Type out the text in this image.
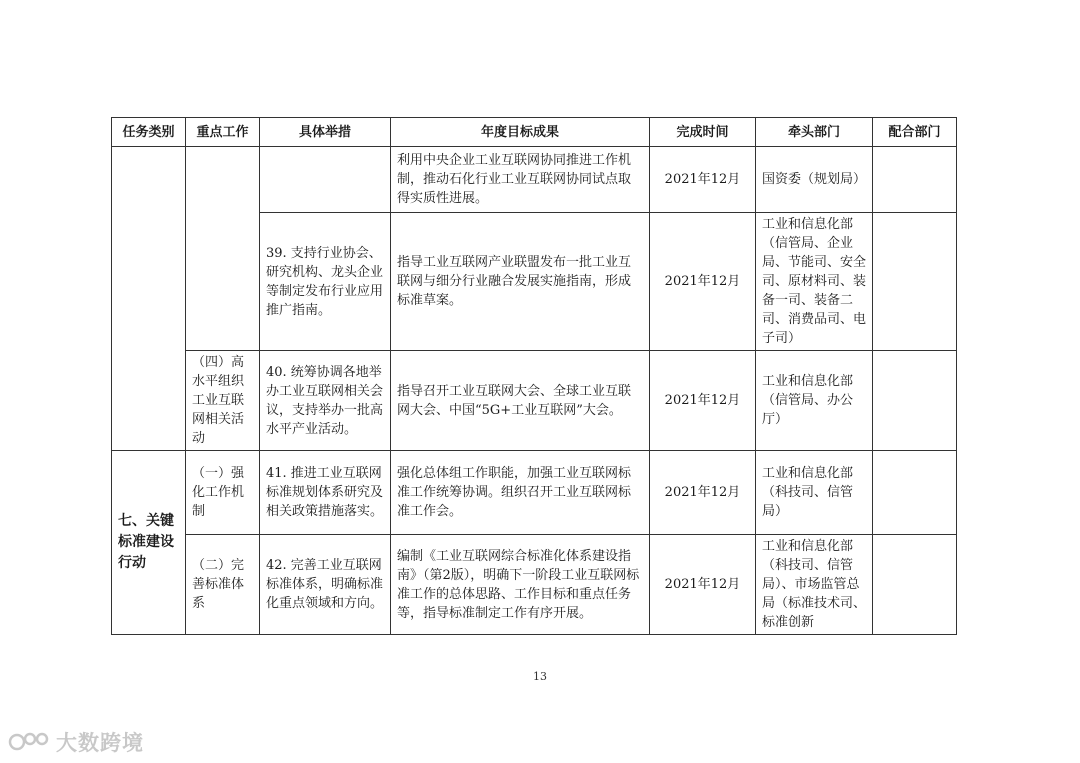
任务类别	重点工作	具体举措	年度目标成果	完成时间	牵头部门	配合部门
			利用中央企业工业互联网协同推进工作机制，推动石化行业工业互联网协同试点取得实质性进展。	2021年12月	国资委（规划局）	
		39. 支持行业协会、研究机构、龙头企业等制定发布行业应用推广指南。	指导工业互联网产业联盟发布一批工业互联网与细分行业融合发展实施指南，形成标准草案。	2021年12月	工业和信息化部（信管局、企业局、节能司、安全司、原材料司、装备一司、装备二司、消费品司、电子司）	
	（四）高水平组织工业互联网相关活动	40. 统筹协调各地举办工业互联网相关会议，支持举办一批高水平产业活动。	指导召开工业互联网大会、全球工业互联网大会、中国“5G+工业互联网”大会。	2021年12月	工业和信息化部（信管局、办公厅）	
七、关键标准建设行动	（一）强化工作机制	41. 推进工业互联网标准规划体系研究及相关政策措施落实。	强化总体组工作职能，加强工业互联网标准工作统筹协调。组织召开工业互联网标准工作会。	2021年12月	工业和信息化部（科技司、信管局）	
	（二）完善标准体系	42. 完善工业互联网标准体系，明确标准化重点领域和方向。	编制《工业互联网综合标准化体系建设指南》（第2版），明确下一阶段工业互联网标准工作的总体思路、工作目标和重点任务等，指导标准制定工作有序开展。	2021年12月	工业和信息化部（科技司、信管局）、市场监管总局（标准技术司、标准创新	
13
大数跨境
